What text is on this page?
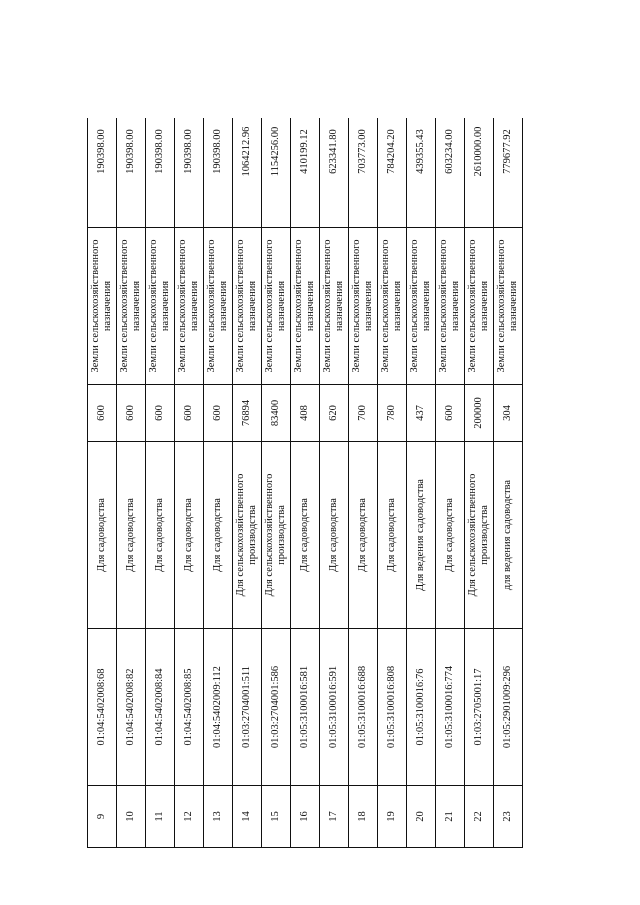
9	01:04:5402008:68	Для садоводства	600	Земли сельскохозяйственного назначения	190398.00
10	01:04:5402008:82	Для садоводства	600	Земли сельскохозяйственного назначения	190398.00
11	01:04:5402008:84	Для садоводства	600	Земли сельскохозяйственного назначения	190398.00
12	01:04:5402008:85	Для садоводства	600	Земли сельскохозяйственного назначения	190398.00
13	01:04:5402009:112	Для садоводства	600	Земли сельскохозяйственного назначения	190398.00
14	01:03:2704001:511	Для сельскохозяйственного производства	76894	Земли сельскохозяйственного назначения	1064212.96
15	01:03:2704001:586	Для сельскохозяйственного производства	83400	Земли сельскохозяйственного назначения	1154256.00
16	01:05:3100016:581	Для садоводства	408	Земли сельскохозяйственного назначения	410199.12
17	01:05:3100016:591	Для садоводства	620	Земли сельскохозяйственного назначения	623341.80
18	01:05:3100016:688	Для садоводства	700	Земли сельскохозяйственного назначения	703773.00
19	01:05:3100016:808	Для садоводства	780	Земли сельскохозяйственного назначения	784204.20
20	01:05:3100016:76	Для ведения садоводства	437	Земли сельскохозяйственного назначения	439355.43
21	01:05:3100016:774	Для садоводства	600	Земли сельскохозяйственного назначения	603234.00
22	01:03:2705001:17	Для сельскохозяйственного производства	200000	Земли сельскохозяйственного назначения	2610000.00
23	01:05:2901009:296	для ведения садоводства	304	Земли сельскохозяйственного назначения	779677.92
